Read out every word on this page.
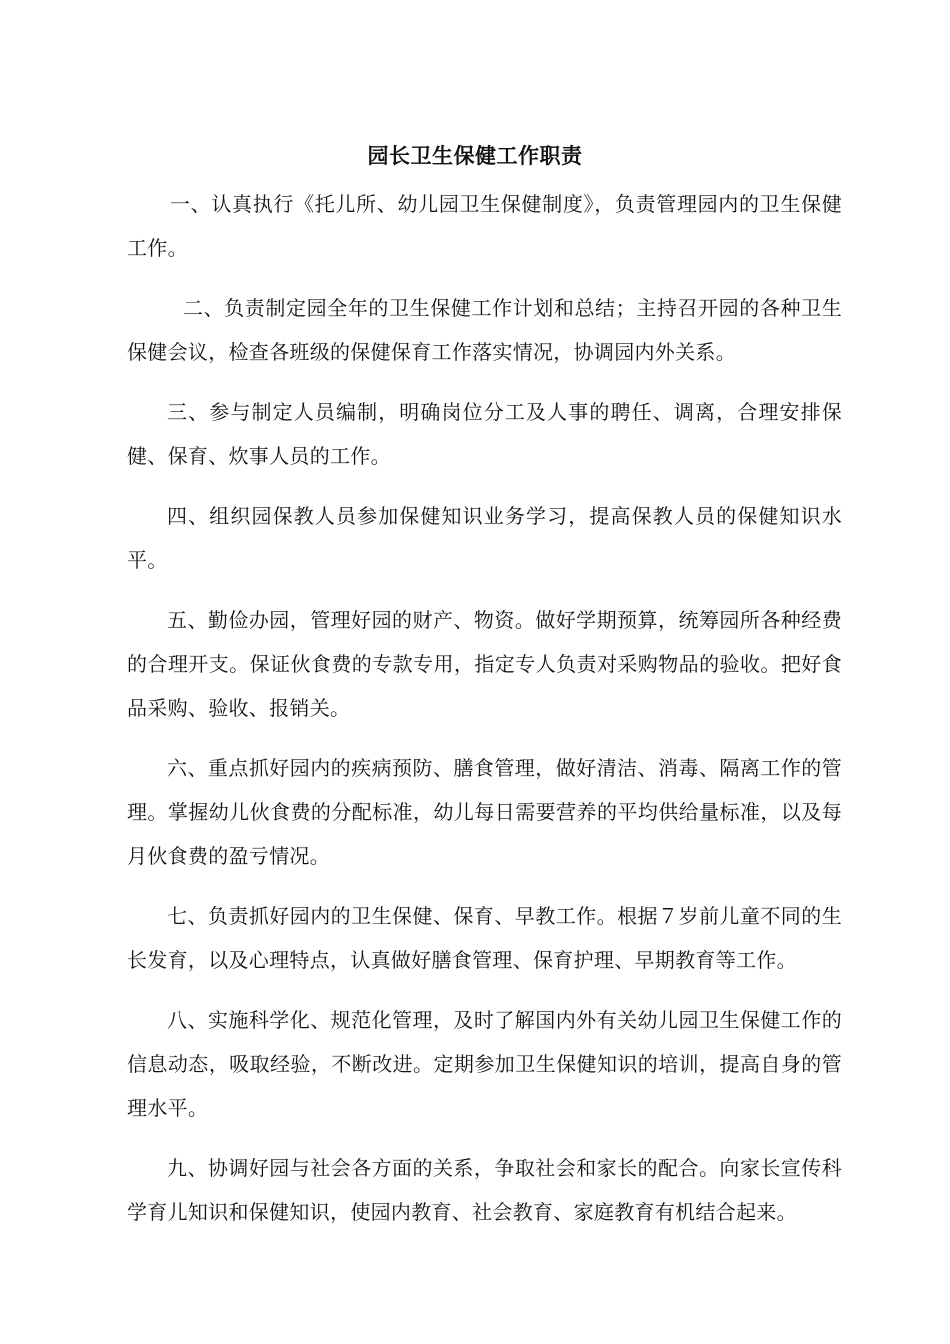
园长卫生保健工作职责

一、认真执行《托儿所、幼儿园卫生保健制度》，负责管理园内的卫生保健工作。

二、负责制定园全年的卫生保健工作计划和总结；主持召开园的各种卫生保健会议，检查各班级的保健保育工作落实情况，协调园内外关系。

三、参与制定人员编制，明确岗位分工及人事的聘任、调离，合理安排保健、保育、炊事人员的工作。

四、组织园保教人员参加保健知识业务学习，提高保教人员的保健知识水平。

五、勤俭办园，管理好园的财产、物资。做好学期预算，统筹园所各种经费的合理开支。保证伙食费的专款专用，指定专人负责对采购物品的验收。把好食品采购、验收、报销关。

六、重点抓好园内的疾病预防、膳食管理，做好清洁、消毒、隔离工作的管理。掌握幼儿伙食费的分配标准，幼儿每日需要营养的平均供给量标准，以及每月伙食费的盈亏情况。

七、负责抓好园内的卫生保健、保育、早教工作。根据７岁前儿童不同的生长发育，以及心理特点，认真做好膳食管理、保育护理、早期教育等工作。

八、实施科学化、规范化管理，及时了解国内外有关幼儿园卫生保健工作的信息动态，吸取经验，不断改进。定期参加卫生保健知识的培训，提高自身的管理水平。

九、协调好园与社会各方面的关系，争取社会和家长的配合。向家长宣传科学育儿知识和保健知识，使园内教育、社会教育、家庭教育有机结合起来。
